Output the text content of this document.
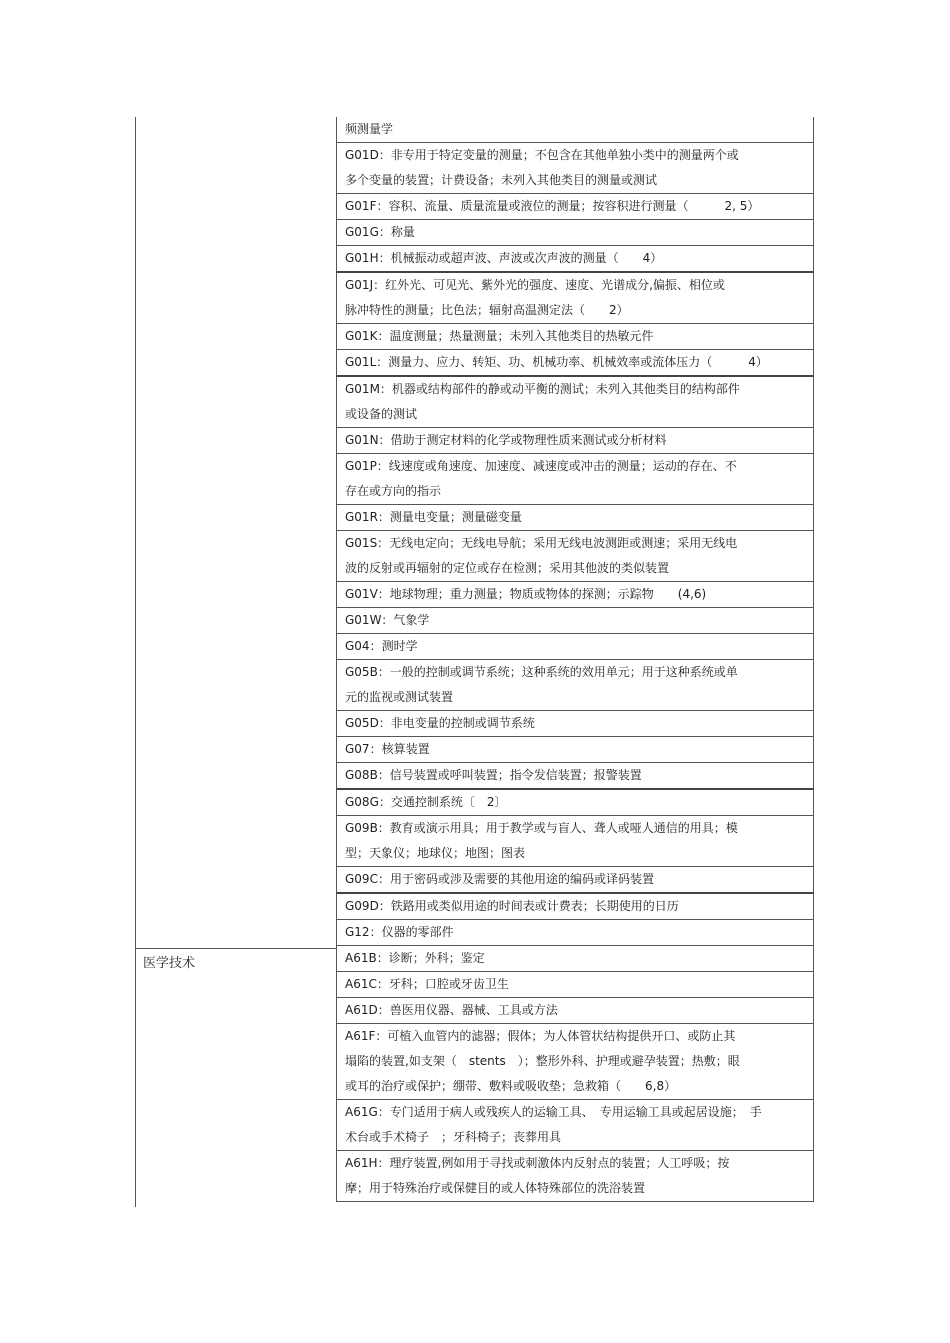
医学技术
频测量学
G01D：非专用于特定变量的测量；不包含在其他单独小类中的测量两个或
多个变量的装置；计费设备；未列入其他类目的测量或测试
G01F：容积、流量、质量流量或液位的测量；按容积进行测量（　　　2, 5）
G01G：称量
G01H：机械振动或超声波、声波或次声波的测量（　　4）
G01J：红外光、可见光、紫外光的强度、速度、光谱成分,偏振、相位或
脉冲特性的测量；比色法；辐射高温测定法（　　2）
G01K：温度测量；热量测量；未列入其他类目的热敏元件
G01L：测量力、应力、转矩、功、机械功率、机械效率或流体压力（　　　4）
G01M：机器或结构部件的静或动平衡的测试；未列入其他类目的结构部件
或设备的测试
G01N：借助于测定材料的化学或物理性质来测试或分析材料
G01P：线速度或角速度、加速度、减速度或冲击的测量；运动的存在、不
存在或方向的指示
G01R：测量电变量；测量磁变量
G01S：无线电定向；无线电导航；采用无线电波测距或测速；采用无线电
波的反射或再辐射的定位或存在检测；采用其他波的类似装置
G01V：地球物理；重力测量；物质或物体的探测；示踪物　　(4,6)
G01W：气象学
G04：测时学
G05B：一般的控制或调节系统；这种系统的效用单元；用于这种系统或单
元的监视或测试装置
G05D：非电变量的控制或调节系统
G07：核算装置
G08B：信号装置或呼叫装置；指令发信装置；报警装置
G08G：交通控制系统〔　2〕
G09B：教育或演示用具；用于教学或与盲人、聋人或哑人通信的用具；模
型；天象仪；地球仪；地图；图表
G09C：用于密码或涉及需要的其他用途的编码或译码装置
G09D：铁路用或类似用途的时间表或计费表；长期使用的日历
G12：仪器的零部件
A61B：诊断；外科；鉴定
A61C：牙科；口腔或牙齿卫生
A61D：兽医用仪器、器械、工具或方法
A61F：可植入血管内的滤器；假体；为人体管状结构提供开口、或防止其
塌陷的装置,如支架（　stents　）；整形外科、护理或避孕装置；热敷；眼
或耳的治疗或保护；绷带、敷料或吸收垫；急救箱（　　6,8）
A61G：专门适用于病人或残疾人的运输工具、　专用运输工具或起居设施；　手
术台或手术椅子　；牙科椅子；丧葬用具
A61H：理疗装置,例如用于寻找或刺激体内反射点的装置；人工呼吸；按
摩；用于特殊治疗或保健目的或人体特殊部位的洗浴装置
